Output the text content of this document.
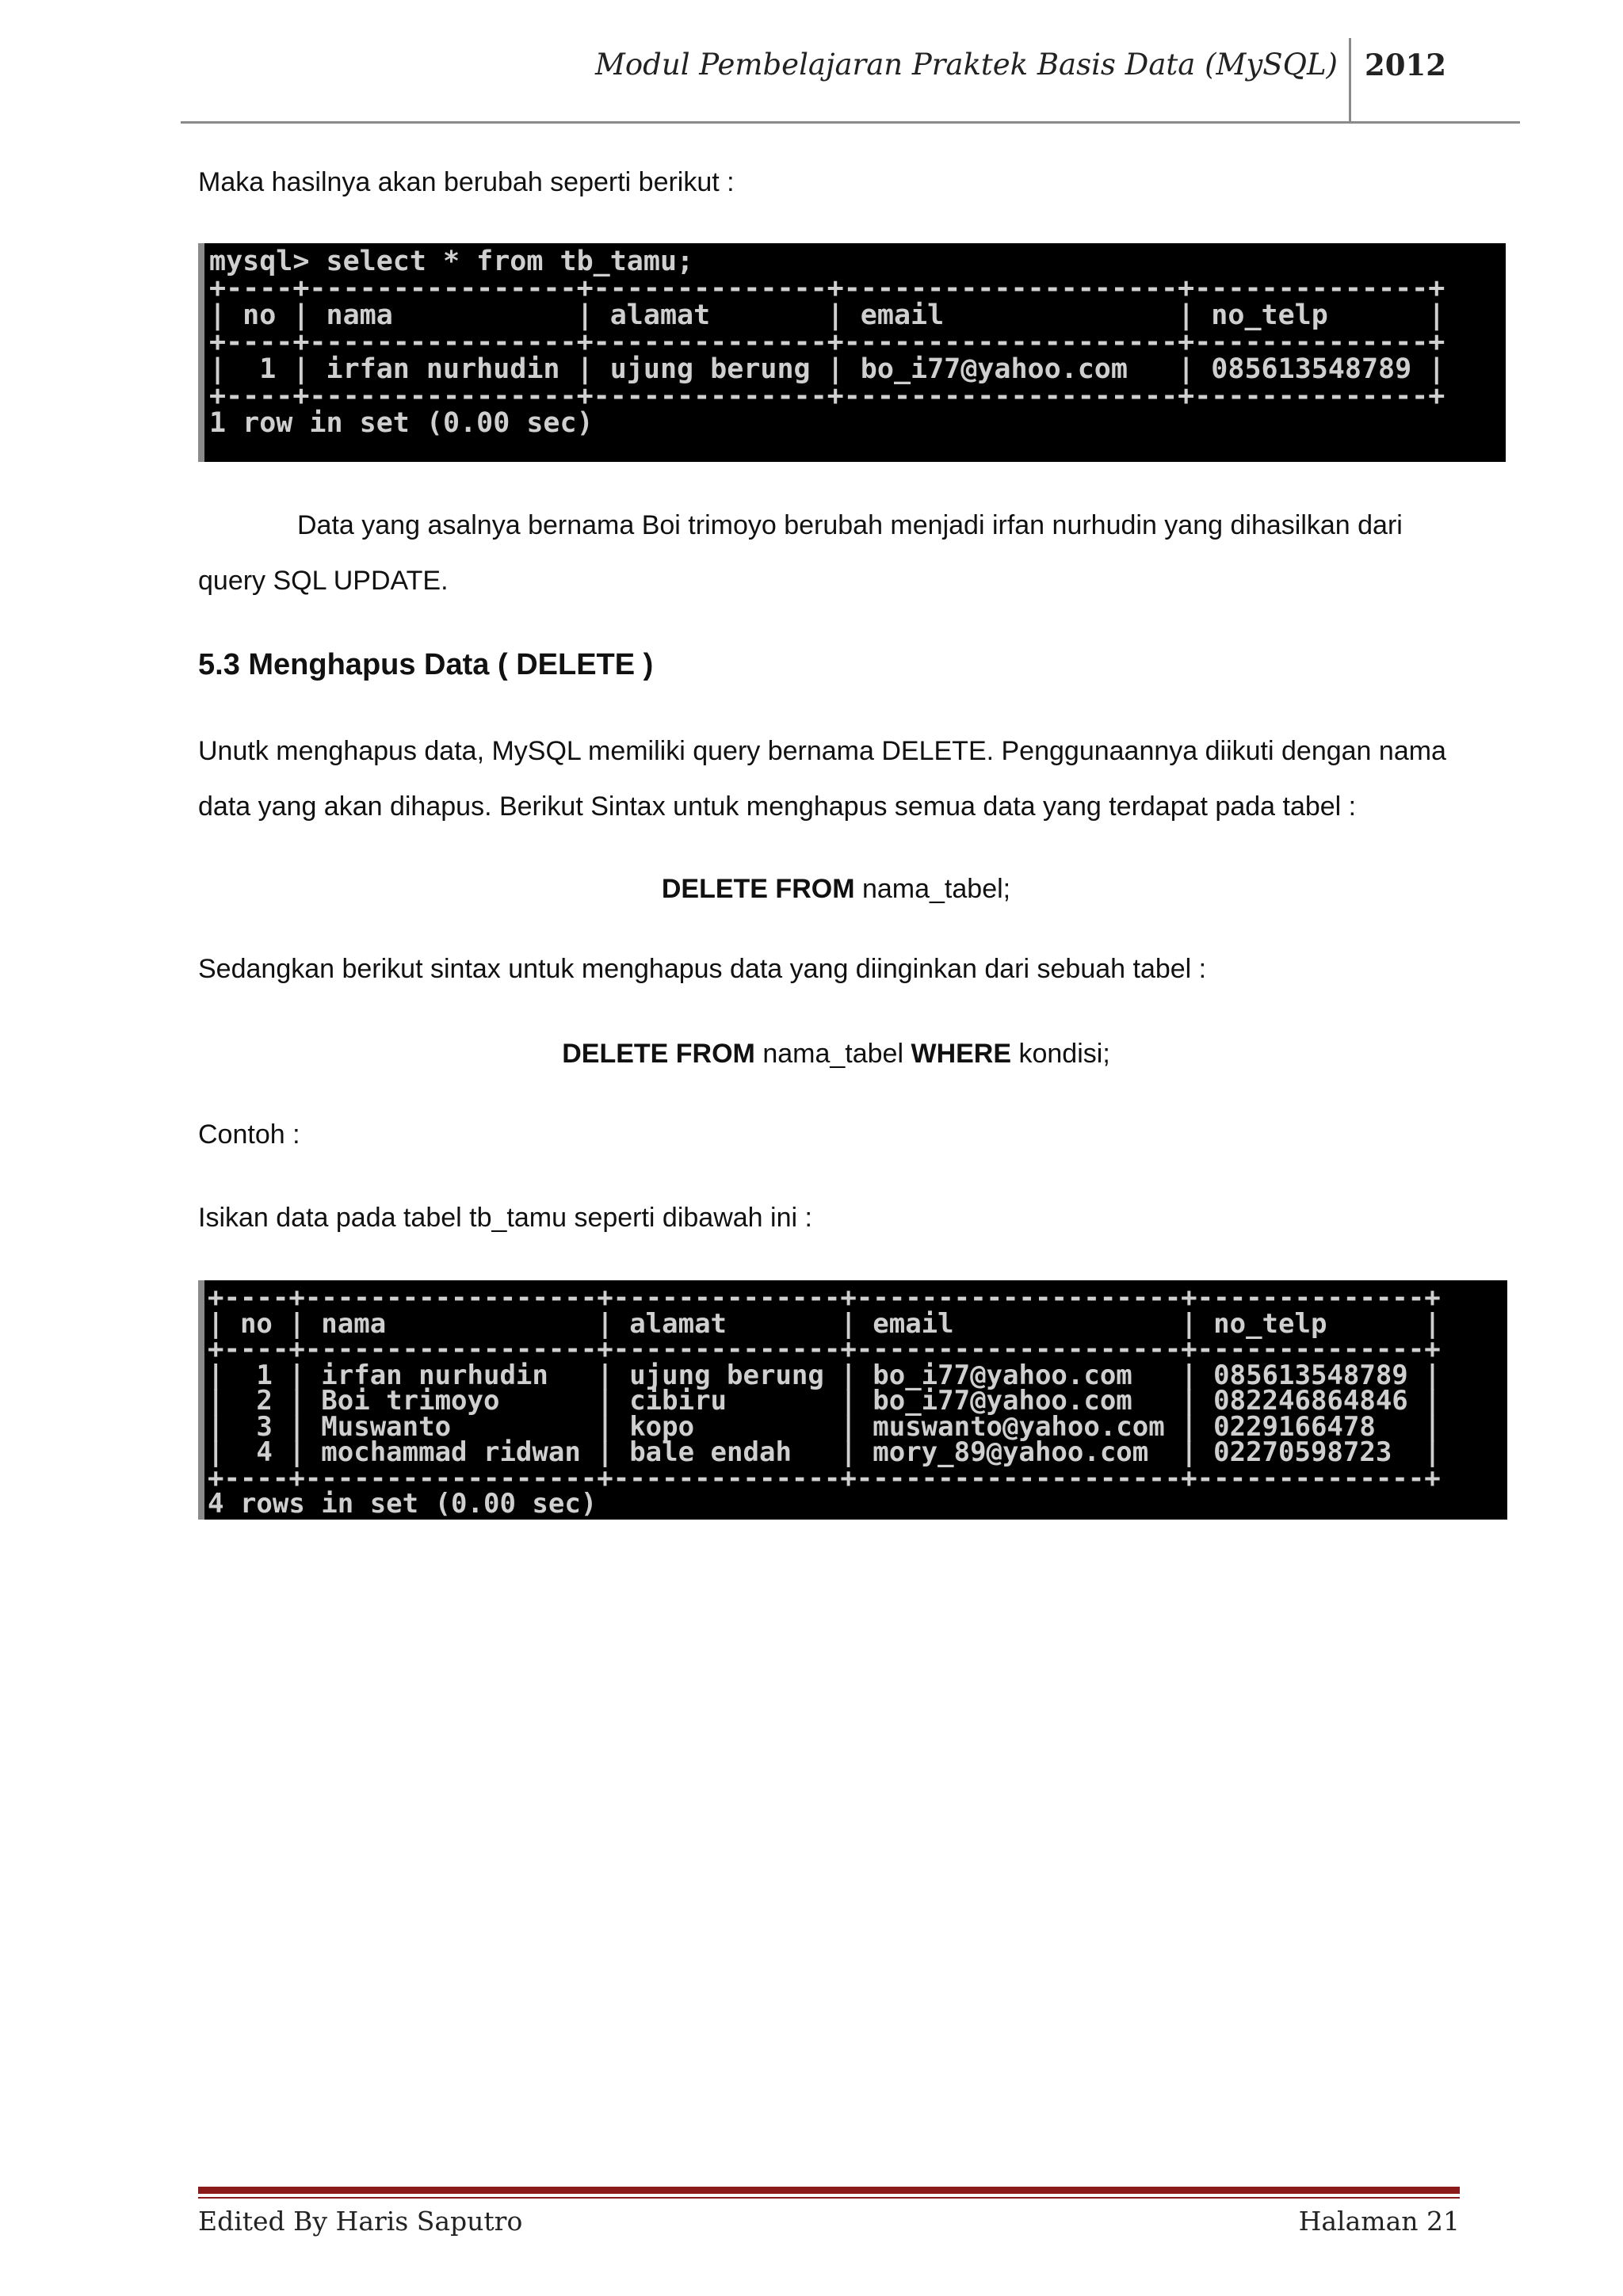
Modul Pembelajaran Praktek Basis Data (MySQL) 2012

Maka hasilnya akan berubah seperti berikut :

mysql> select * from tb_tamu;
+----+----------------+--------------+--------------------+--------------+
| no | nama           | alamat       | email              | no_telp      |
+----+----------------+--------------+--------------------+--------------+
|  1 | irfan nurhudin | ujung berung | bo_i77@yahoo.com   | 085613548789 |
+----+----------------+--------------+--------------------+--------------+
1 row in set (0.00 sec)

Data yang asalnya bernama Boi trimoyo berubah menjadi irfan nurhudin yang dihasilkan dari query SQL UPDATE.

5.3 Menghapus Data ( DELETE )

Unutk menghapus data, MySQL memiliki query bernama DELETE. Penggunaannya diikuti dengan nama data yang akan dihapus. Berikut Sintax untuk menghapus semua data yang terdapat pada tabel :

DELETE FROM nama_tabel;

Sedangkan berikut sintax untuk menghapus data yang diinginkan dari sebuah tabel :

DELETE FROM nama_tabel WHERE kondisi;

Contoh :

Isikan data pada tabel tb_tamu seperti dibawah ini :

+----+------------------+--------------+--------------------+--------------+
| no | nama             | alamat       | email              | no_telp      |
+----+------------------+--------------+--------------------+--------------+
|  1 | irfan nurhudin   | ujung berung | bo_i77@yahoo.com   | 085613548789 |
|  2 | Boi trimoyo      | cibiru       | bo_i77@yahoo.com   | 082246864846 |
|  3 | Muswanto         | kopo         | muswanto@yahoo.com | 0229166478   |
|  4 | mochammad ridwan | bale endah   | mory_89@yahoo.com  | 02270598723  |
+----+------------------+--------------+--------------------+--------------+
4 rows in set (0.00 sec)
Edited By Haris Saputro	Halaman 21
